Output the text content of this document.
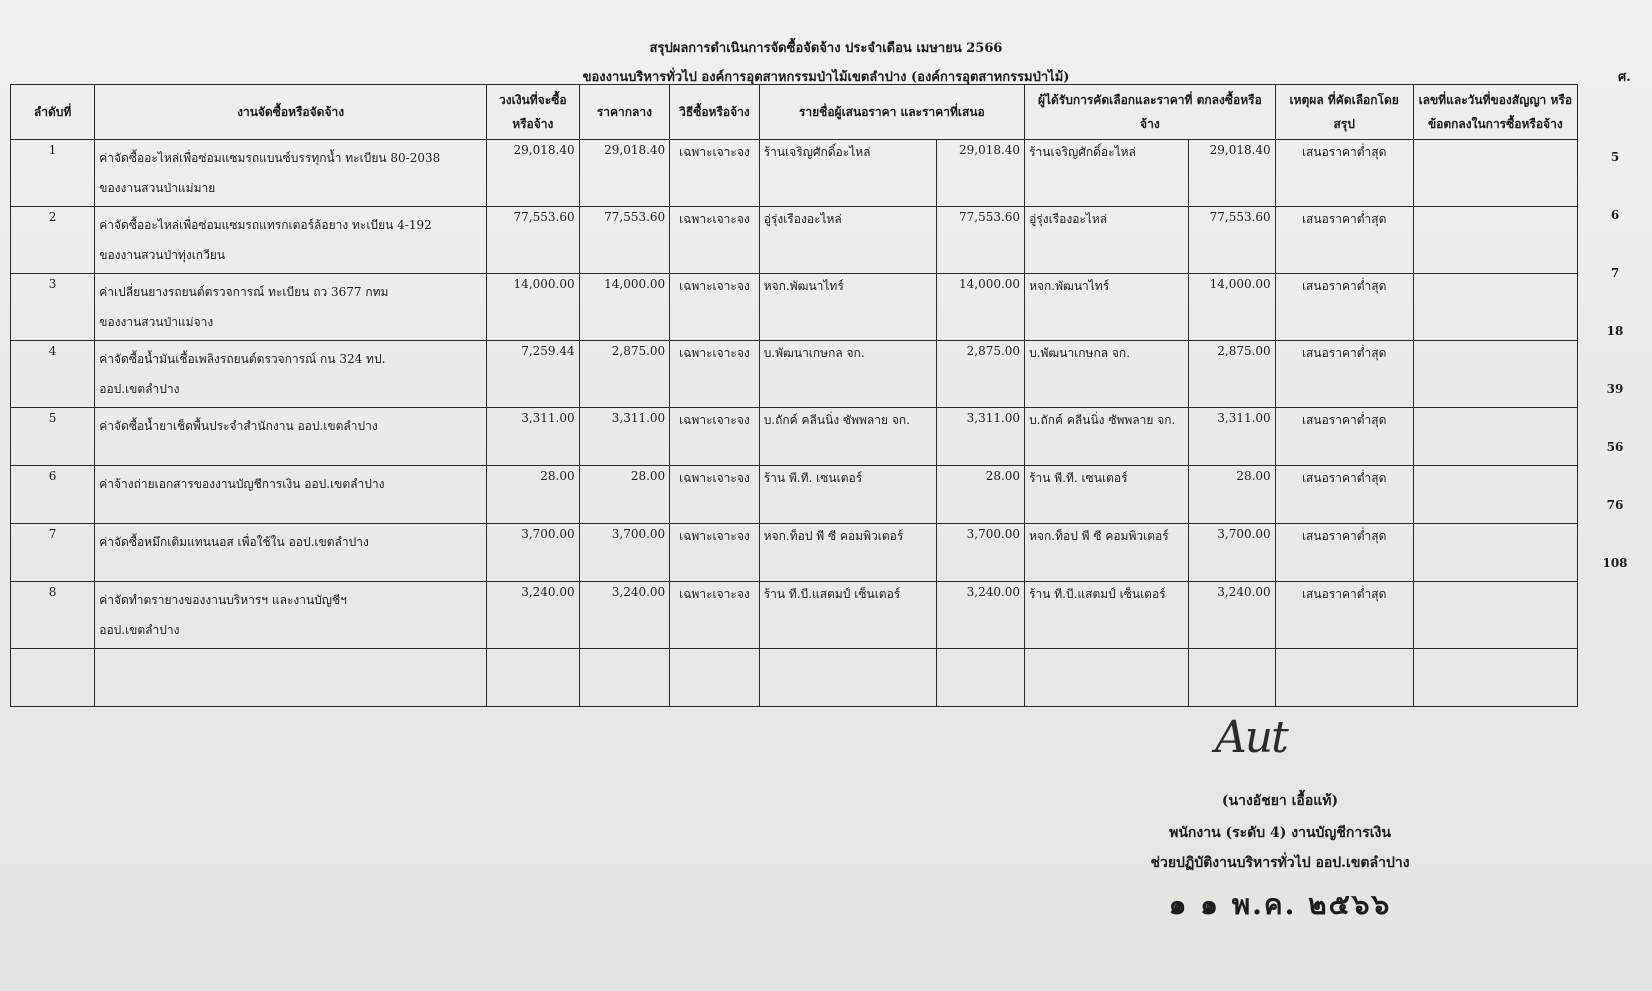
สรุปผลการดำเนินการจัดซื้อจัดจ้าง ประจำเดือน เมษายน 2566
ของงานบริหารทั่วไป องค์การอุตสาหกรรมป่าไม้เขตลำปาง (องค์การอุตสาหกรรมป่าไม้)	ศ.
ลำดับที่	งานจัดซื้อหรือจัดจ้าง	วงเงินที่จะซื้อหรือจ้าง	ราคากลาง	วิธีซื้อหรือจ้าง	รายชื่อผู้เสนอราคา และราคาที่เสนอ		ผู้ได้รับการคัดเลือกและราคาที่ ตกลงซื้อหรือจ้าง		เหตุผล ที่คัดเลือกโดยสรุป	เลขที่และวันที่ของสัญญา หรือข้อตกลงในการซื้อหรือจ้าง
1	ค่าจัดซื้ออะไหล่เพื่อซ่อมแซมรถแบนซ์บรรทุกน้ำ ทะเบียน 80-2038
ของงานสวนป่าแม่มาย	29,018.40	29,018.40	เฉพาะเจาะจง	ร้านเจริญศักดิ์อะไหล่	29,018.40	ร้านเจริญศักดิ์อะไหล่	29,018.40	เสนอราคาต่ำสุด	
2	ค่าจัดซื้ออะไหล่เพื่อซ่อมแซมรถแทรกเตอร์ล้อยาง ทะเบียน 4-192
ของงานสวนป่าทุ่งเกวียน	77,553.60	77,553.60	เฉพาะเจาะจง	อู่รุ่งเรืองอะไหล่	77,553.60	อู่รุ่งเรืองอะไหล่	77,553.60	เสนอราคาต่ำสุด	
3	ค่าเปลี่ยนยางรถยนต์ตรวจการณ์ ทะเบียน ถว 3677 กทม
ของงานสวนป่าแม่จาง	14,000.00	14,000.00	เฉพาะเจาะจง	หจก.พัฒนาไทร์	14,000.00	หจก.พัฒนาไทร์	14,000.00	เสนอราคาต่ำสุด	
4	ค่าจัดซื้อน้ำมันเชื้อเพลิงรถยนต์ตรวจการณ์ กน 324 ทป.
ออป.เขตลำปาง	7,259.44	2,875.00	เฉพาะเจาะจง	บ.พัฒนาเกษกล จก.	2,875.00	บ.พัฒนาเกษกล จก.	2,875.00	เสนอราคาต่ำสุด	
5	ค่าจัดซื้อน้ำยาเช็ดพื้นประจำสำนักงาน ออป.เขตลำปาง	3,311.00	3,311.00	เฉพาะเจาะจง	บ.ถักค์ คลีนนิ่ง ซัพพลาย จก.	3,311.00	บ.ถักค์ คลีนนิ่ง ซัพพลาย จก.	3,311.00	เสนอราคาต่ำสุด	
6	ค่าจ้างถ่ายเอกสารของงานบัญชีการเงิน ออป.เขตลำปาง	28.00	28.00	เฉพาะเจาะจง	ร้าน พี.ที. เซนเตอร์	28.00	ร้าน พี.ที. เซนเตอร์	28.00	เสนอราคาต่ำสุด	
7	ค่าจัดซื้อหมึกเติมแทนนอส เพื่อใช้ใน ออป.เขตลำปาง	3,700.00	3,700.00	เฉพาะเจาะจง	หจก.ท็อป พี ซี คอมพิวเตอร์	3,700.00	หจก.ท็อป พี ซี คอมพิวเตอร์	3,700.00	เสนอราคาต่ำสุด	
8	ค่าจัดทำตรายางของงานบริหารฯ และงานบัญชีฯ
ออป.เขตลำปาง	3,240.00	3,240.00	เฉพาะเจาะจง	ร้าน ที.บี.แสตมป์ เซ็นเตอร์	3,240.00	ร้าน ที.บี.แสตมป์ เซ็นเตอร์	3,240.00	เสนอราคาต่ำสุด	

5
6
7
18
39
56
76
108
Aut
(นางอัชยา เอื้อแท้)
พนักงาน (ระดับ 4) งานบัญชีการเงิน
ช่วยปฏิบัติงานบริหารทั่วไป ออป.เขตลำปาง
๑ ๑ พ.ค. ๒๕๖๖
